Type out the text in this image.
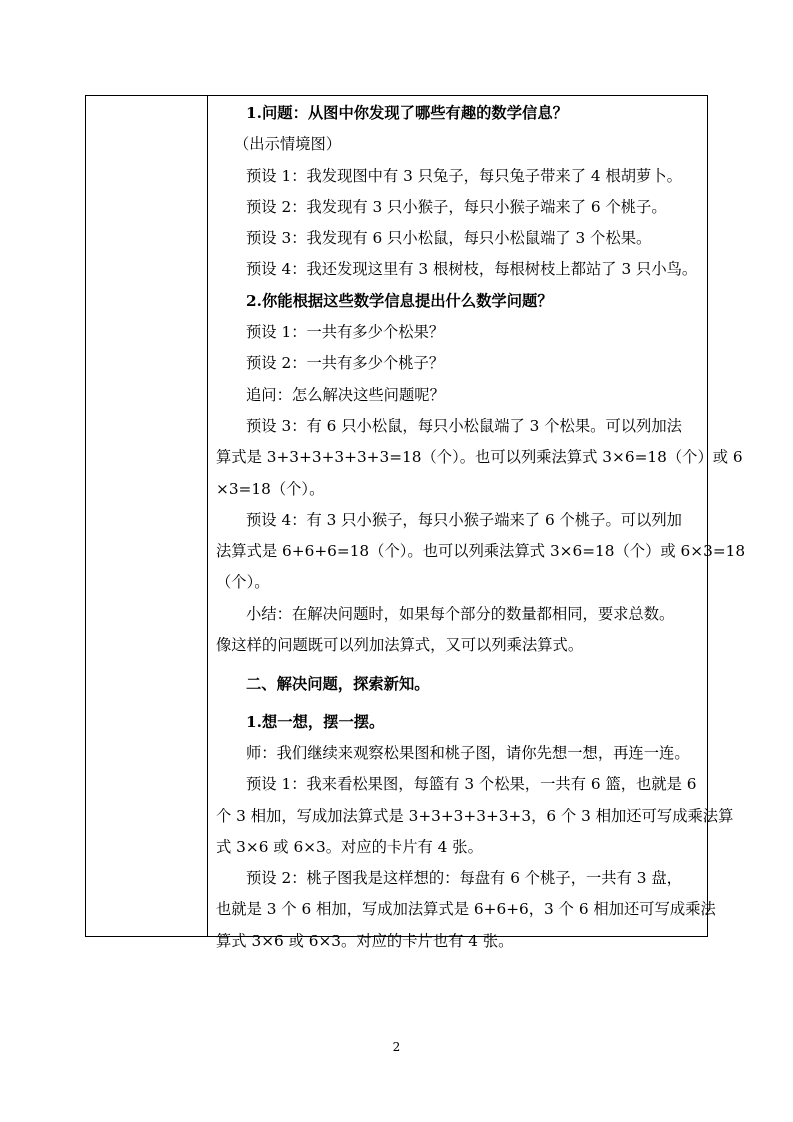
1.问题：从图中你发现了哪些有趣的数学信息？

（出示情境图）

预设 1：我发现图中有 3 只兔子，每只兔子带来了 4 根胡萝卜。

预设 2：我发现有 3 只小猴子，每只小猴子端来了 6 个桃子。

预设 3：我发现有 6 只小松鼠，每只小松鼠端了 3 个松果。

预设 4：我还发现这里有 3 根树枝，每根树枝上都站了 3 只小鸟。

2.你能根据这些数学信息提出什么数学问题？

预设 1：一共有多少个松果？

预设 2：一共有多少个桃子？

追问：怎么解决这些问题呢？

预设 3：有 6 只小松鼠，每只小松鼠端了 3 个松果。可以列加法

算式是 3+3+3+3+3+3=18（个）。也可以列乘法算式 3×6=18（个）或 6

×3=18（个）。

预设 4：有 3 只小猴子，每只小猴子端来了 6 个桃子。可以列加

法算式是 6+6+6=18（个）。也可以列乘法算式 3×6=18（个）或 6×3=18

（个）。

小结：在解决问题时，如果每个部分的数量都相同，要求总数。

像这样的问题既可以列加法算式，又可以列乘法算式。

二、解决问题，探索新知。

1.想一想，摆一摆。

师：我们继续来观察松果图和桃子图，请你先想一想，再连一连。

预设 1：我来看松果图，每篮有 3 个松果，一共有 6 篮，也就是 6

个 3 相加，写成加法算式是 3+3+3+3+3+3，6 个 3 相加还可写成乘法算

式 3×6 或 6×3。对应的卡片有 4 张。

预设 2：桃子图我是这样想的：每盘有 6 个桃子，一共有 3 盘，

也就是 3 个 6 相加，写成加法算式是 6+6+6，3 个 6 相加还可写成乘法

算式 3×6 或 6×3。对应的卡片也有 4 张。

2
